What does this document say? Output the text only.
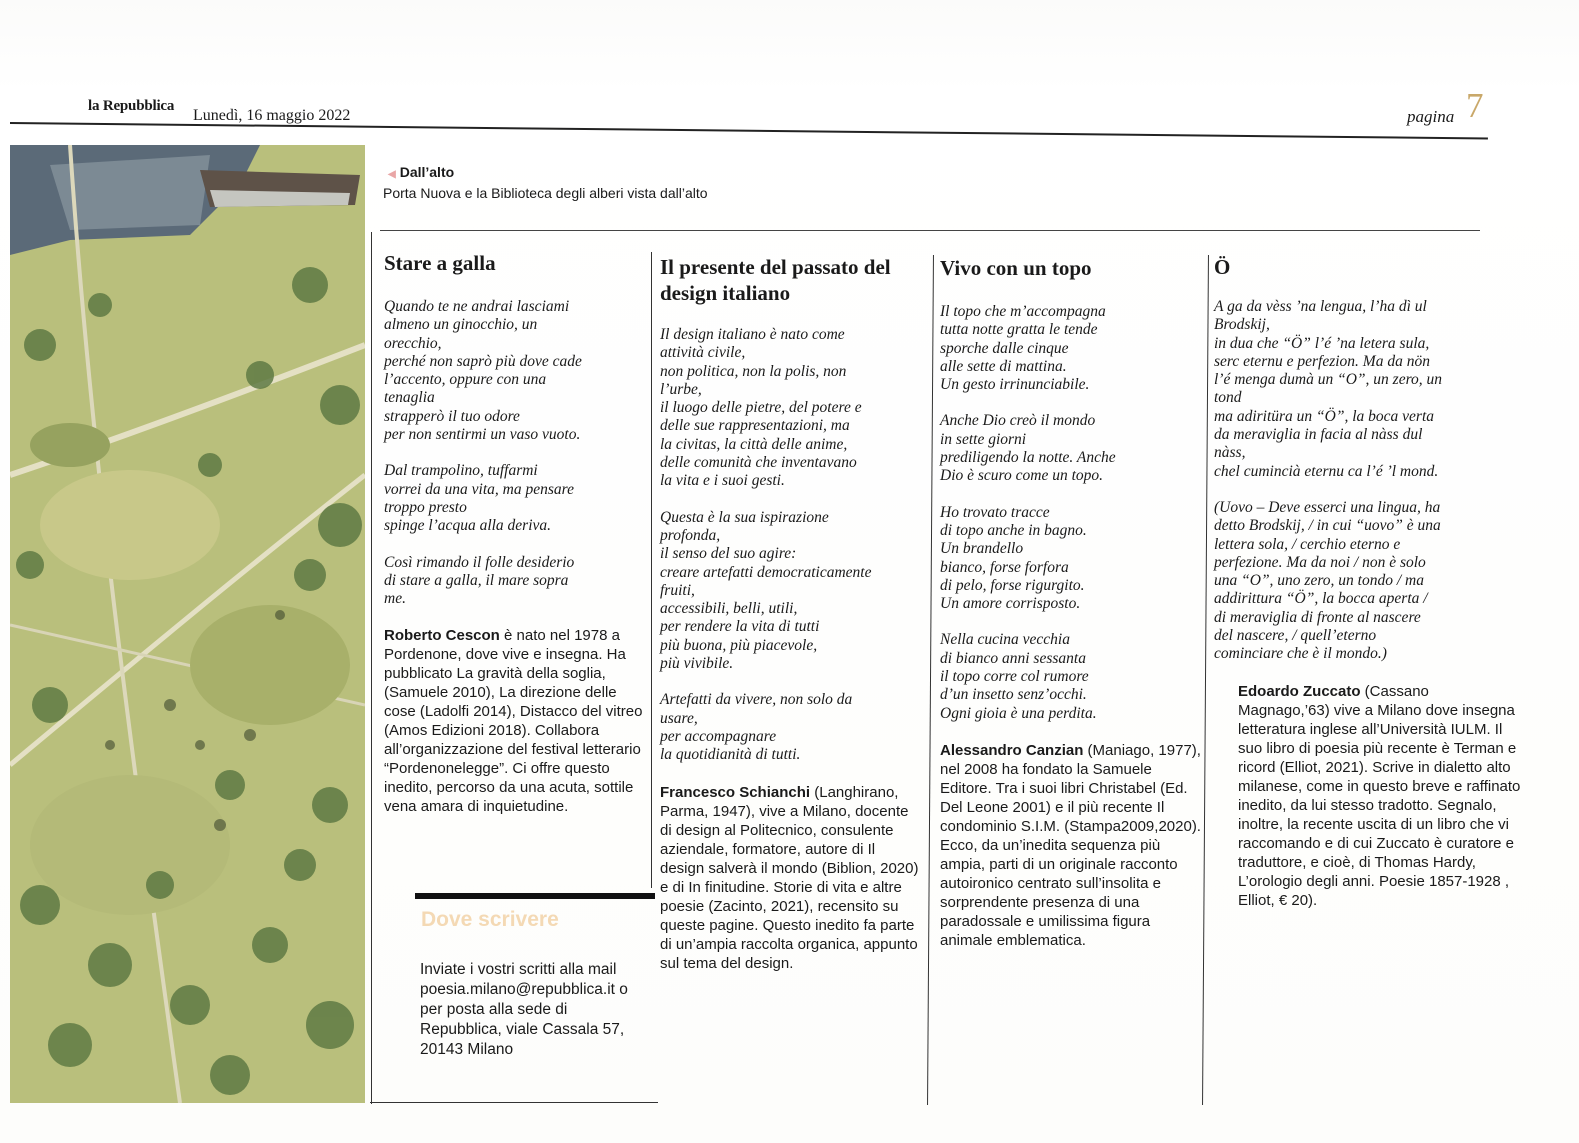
la Repubblica
Lunedì, 16 maggio 2022	pagina 7
◀ Dall’alto
Porta Nuova e la Biblioteca degli alberi vista dall’alto
Stare a galla

Quando te ne andrai lasciami
almeno un ginocchio, un
orecchio,
perché non saprò più dove cade
l’accento, oppure con una
tenaglia
strapperò il tuo odore
per non sentirmi un vaso vuoto.

Dal trampolino, tuffarmi
vorrei da una vita, ma pensare
troppo presto
spinge l’acqua alla deriva.

Così rimando il folle desiderio
di stare a galla, il mare sopra
me.

Roberto Cescon è nato nel 1978 a Pordenone, dove vive e insegna. Ha pubblicato La gravità della soglia, (Samuele 2010), La direzione delle cose (Ladolfi 2014), Distacco del vitreo (Amos Edizioni 2018). Collabora all’organizzazione del festival letterario “Pordenonelegge”. Ci offre questo inedito, percorso da una acuta, sottile vena amara di inquietudine.
Il presente del passato del design italiano

Il design italiano è nato come
attività civile,
non politica, non la polis, non
l’urbe,
il luogo delle pietre, del potere e
delle sue rappresentazioni, ma
la civitas, la città delle anime,
delle comunità che inventavano
la vita e i suoi gesti.

Questa è la sua ispirazione
profonda,
il senso del suo agire:
creare artefatti democraticamente
fruiti,
accessibili, belli, utili,
per rendere la vita di tutti
più buona, più piacevole,
più vivibile.

Artefatti da vivere, non solo da
usare,
per accompagnare
la quotidianità di tutti.

Francesco Schianchi (Langhirano, Parma, 1947), vive a Milano, docente di design al Politecnico, consulente aziendale, formatore, autore di Il design salverà il mondo (Biblion, 2020) e di In finitudine. Storie di vita e altre poesie (Zacinto, 2021), recensito su queste pagine. Questo inedito fa parte di un’ampia raccolta organica, appunto sul tema del design.
Vivo con un topo

Il topo che m’accompagna
tutta notte gratta le tende
sporche dalle cinque
alle sette di mattina.
Un gesto irrinunciabile.

Anche Dio creò il mondo
in sette giorni
prediligendo la notte. Anche
Dio è scuro come un topo.

Ho trovato tracce
di topo anche in bagno.
Un brandello
bianco, forse forfora
di pelo, forse rigurgito.
Un amore corrisposto.

Nella cucina vecchia
di bianco anni sessanta
il topo corre col rumore
d’un insetto senz’occhi.
Ogni gioia è una perdita.

Alessandro Canzian (Maniago, 1977), nel 2008 ha fondato la Samuele Editore. Tra i suoi libri Christabel (Ed. Del Leone 2001) e il più recente Il condominio S.I.M. (Stampa2009,2020). Ecco, da un’inedita sequenza più ampia, parti di un originale racconto autoironico centrato sull’insolita e sorprendente presenza di una paradossale e umilissima figura animale emblematica.
Ö

A ga da vèss ’na lengua, l’ha dì ul
Brodskij,
in dua che “Ö” l’é ’na letera sula,
serc eternu e perfezion. Ma da nön
l’é menga dumà un “O”, un zero, un
tond
ma adiritüra un “Ö”, la boca verta
da meraviglia in facia al nàss dul
nàss,
chel cumincià eternu ca l’é ’l mond.

(Uovo – Deve esserci una lingua, ha
detto Brodskij, / in cui “uovo” è una
lettera sola, / cerchio eterno e
perfezione. Ma da noi / non è solo
una “O”, uno zero, un tondo / ma
addirittura “Ö”, la bocca aperta /
di meraviglia di fronte al nascere
del nascere, / quell’eterno
cominciare che è il mondo.)

Edoardo Zuccato (Cassano Magnago,’63) vive a Milano dove insegna letteratura inglese all’Università IULM. Il suo libro di poesia più recente è Terman e ricord (Elliot, 2021). Scrive in dialetto alto milanese, come in questo breve e raffinato inedito, da lui stesso tradotto. Segnalo, inoltre, la recente uscita di un libro che vi raccomando e di cui Zuccato è curatore e traduttore, e cioè, di Thomas Hardy, L’orologio degli anni. Poesie 1857-1928 , Elliot, € 20).
Dove scrivere
Inviate i vostri scritti alla mail poesia.milano@repubblica.it o per posta alla sede di Repubblica, viale Cassala 57, 20143 Milano
